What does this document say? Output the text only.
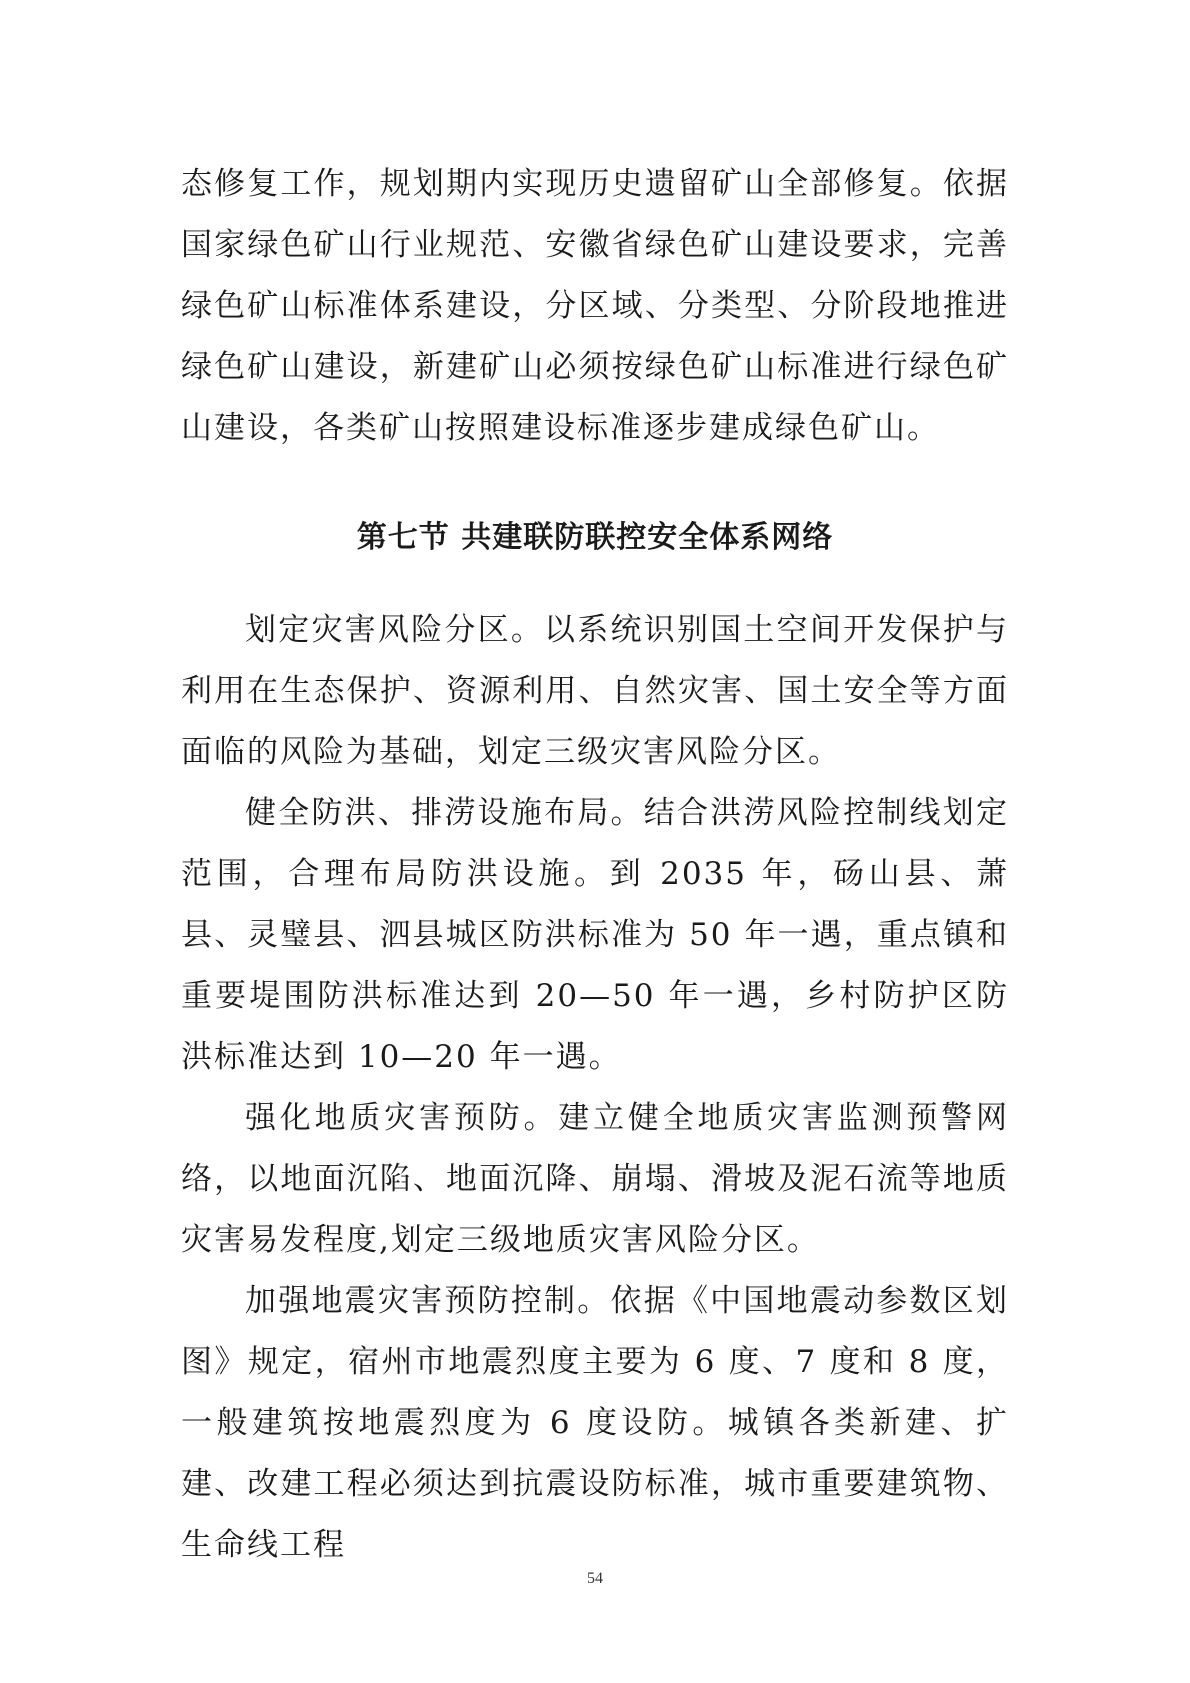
态修复工作，规划期内实现历史遗留矿山全部修复。依据国家绿色矿山行业规范、安徽省绿色矿山建设要求，完善绿色矿山标准体系建设，分区域、分类型、分阶段地推进绿色矿山建设，新建矿山必须按绿色矿山标准进行绿色矿山建设，各类矿山按照建设标准逐步建成绿色矿山。

第七节 共建联防联控安全体系网络

划定灾害风险分区。以系统识别国土空间开发保护与利用在生态保护、资源利用、自然灾害、国土安全等方面面临的风险为基础，划定三级灾害风险分区。

健全防洪、排涝设施布局。结合洪涝风险控制线划定范围，合理布局防洪设施。到 2035 年，砀山县、萧县、灵璧县、泗县城区防洪标准为 50 年一遇，重点镇和重要堤围防洪标准达到 20—50 年一遇，乡村防护区防洪标准达到 10—20 年一遇。

强化地质灾害预防。建立健全地质灾害监测预警网络，以地面沉陷、地面沉降、崩塌、滑坡及泥石流等地质灾害易发程度,划定三级地质灾害风险分区。

加强地震灾害预防控制。依据《中国地震动参数区划图》规定，宿州市地震烈度主要为 6 度、7 度和 8 度，一般建筑按地震烈度为 6 度设防。城镇各类新建、扩建、改建工程必须达到抗震设防标准，城市重要建筑物、生命线工程

54
